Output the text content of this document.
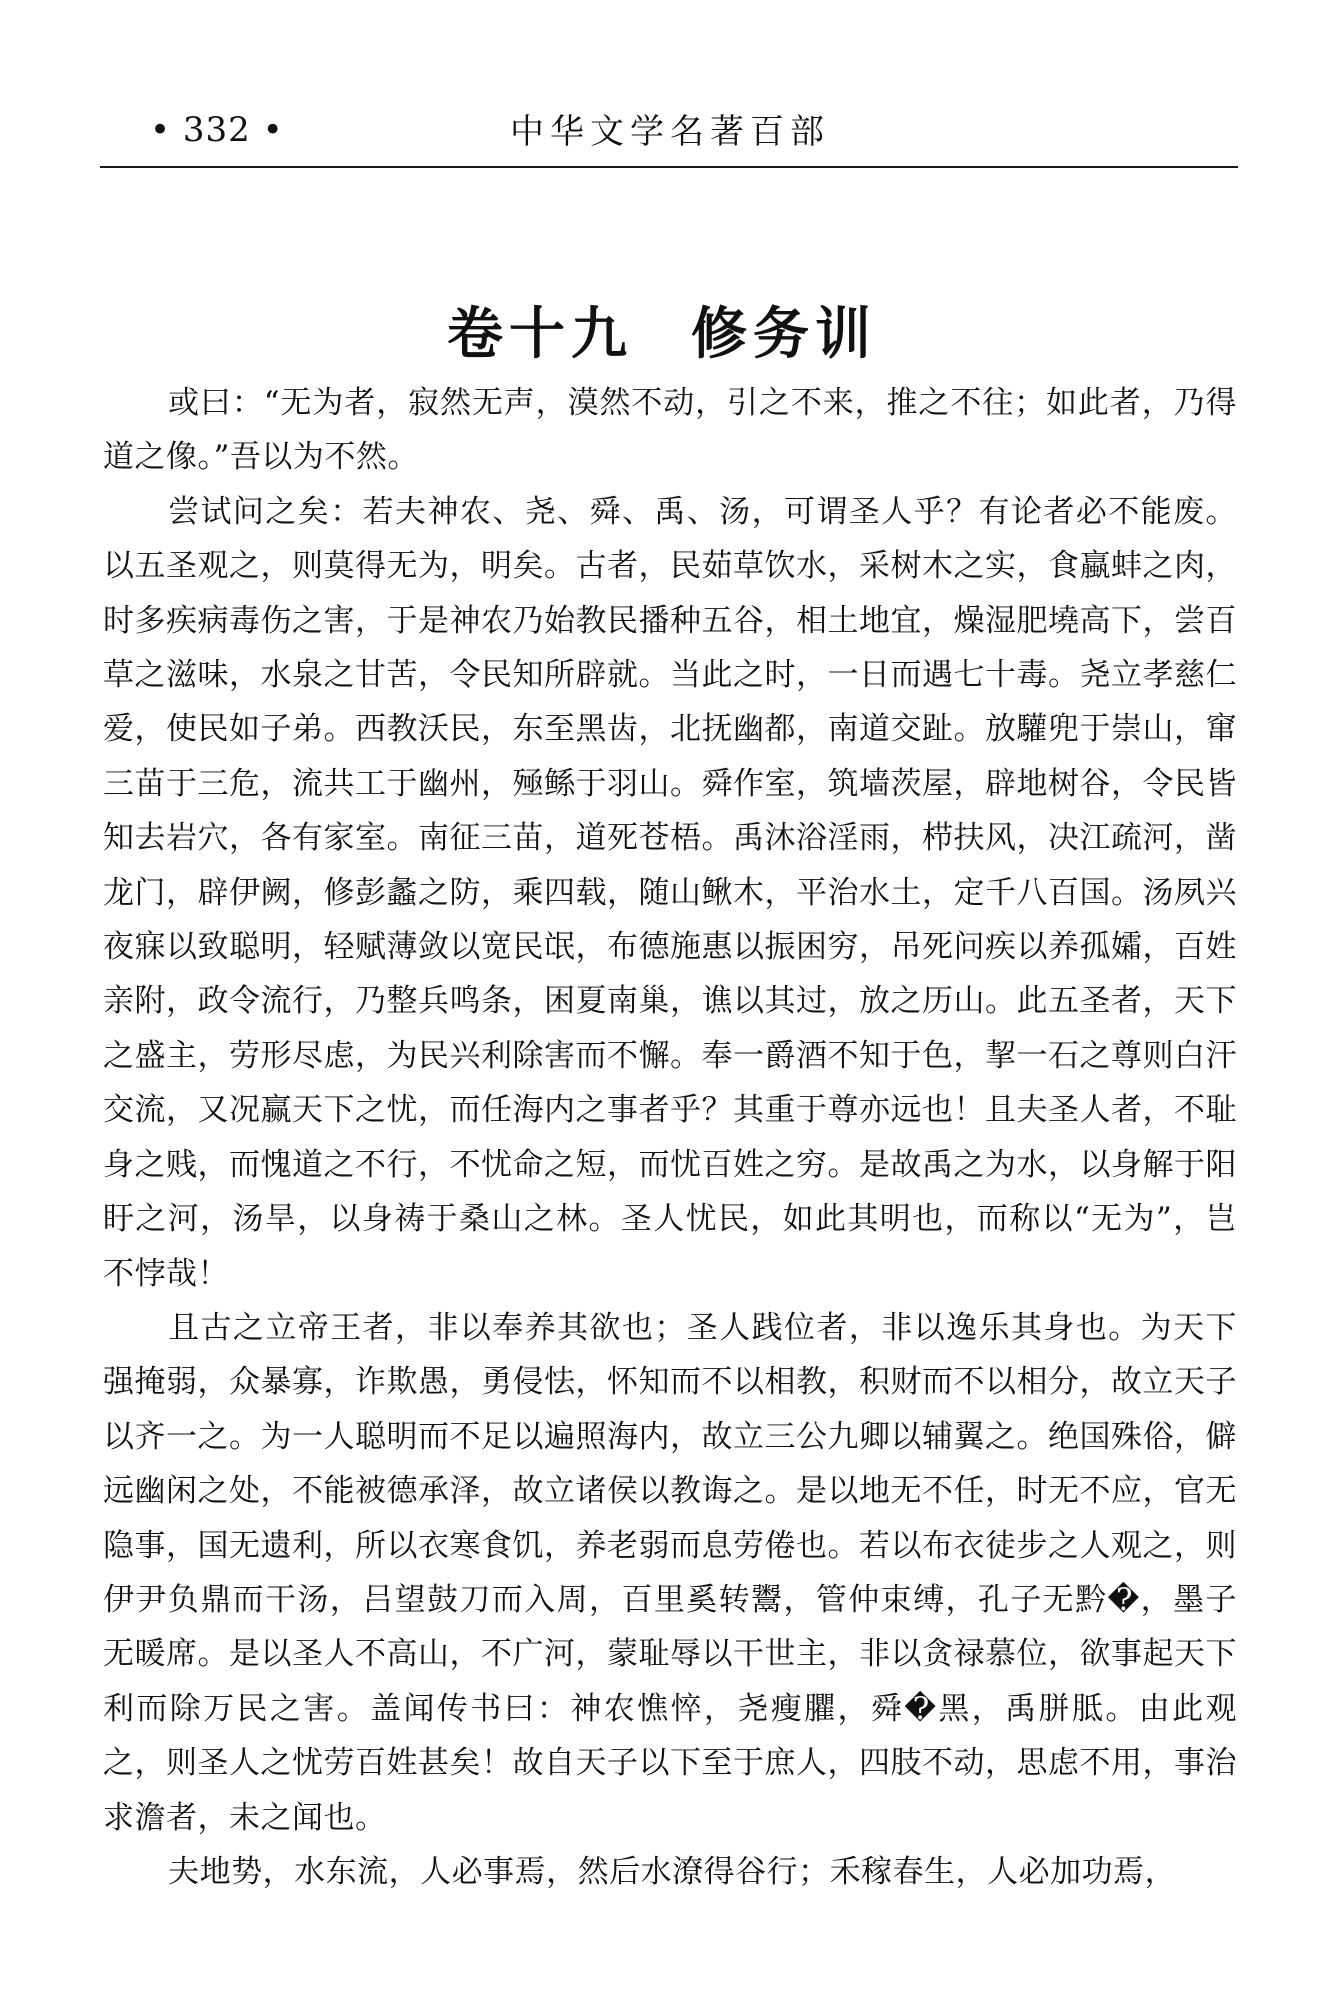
• 332 •	中华文学名著百部
卷十九 修务训

或曰：“无为者，寂然无声，漠然不动，引之不来，推之不往；如此者，乃得道之像。”吾以为不然。

尝试问之矣：若夫神农、尧、舜、禹、汤，可谓圣人乎？有论者必不能废。以五圣观之，则莫得无为，明矣。古者，民茹草饮水，采树木之实，食蠃蚌之肉，时多疾病毒伤之害，于是神农乃始教民播种五谷，相土地宜，燥湿肥墝高下，尝百草之滋味，水泉之甘苦，令民知所辟就。当此之时，一日而遇七十毒。尧立孝慈仁爱，使民如子弟。西教沃民，东至黑齿，北抚幽都，南道交趾。放驩兜于崇山，窜三苗于三危，流共工于幽州，殛鲧于羽山。舜作室，筑墙茨屋，辟地树谷，令民皆知去岩穴，各有家室。南征三苗，道死苍梧。禹沐浴淫雨，栉扶风，决江疏河，凿龙门，辟伊阙，修彭蠡之防，乘四载，随山鳅木，平治水土，定千八百国。汤夙兴夜寐以致聪明，轻赋薄敛以宽民氓，布德施惠以振困穷，吊死问疾以养孤孀，百姓亲附，政令流行，乃整兵鸣条，困夏南巢，谯以其过，放之历山。此五圣者，天下之盛主，劳形尽虑，为民兴利除害而不懈。奉一爵酒不知于色，挈一石之尊则白汗交流，又况赢天下之忧，而任海内之事者乎？其重于尊亦远也！且夫圣人者，不耻身之贱，而愧道之不行，不忧命之短，而忧百姓之穷。是故禹之为水，以身解于阳盱之河，汤旱，以身祷于桑山之林。圣人忧民，如此其明也，而称以“无为”，岂不悖哉！

且古之立帝王者，非以奉养其欲也；圣人践位者，非以逸乐其身也。为天下强掩弱，众暴寡，诈欺愚，勇侵怯，怀知而不以相教，积财而不以相分，故立天子以齐一之。为一人聪明而不足以遍照海内，故立三公九卿以辅翼之。绝国殊俗，僻远幽闲之处，不能被德承泽，故立诸侯以教诲之。是以地无不任，时无不应，官无隐事，国无遗利，所以衣寒食饥，养老弱而息劳倦也。若以布衣徒步之人观之，则伊尹负鼎而干汤，吕望鼓刀而入周，百里奚转鬻，管仲束缚，孔子无黔�，墨子无暖席。是以圣人不高山，不广河，蒙耻辱以干世主，非以贪禄慕位，欲事起天下利而除万民之害。盖闻传书曰：神农憔悴，尧瘦臞，舜�黑，禹胼胝。由此观之，则圣人之忧劳百姓甚矣！故自天子以下至于庶人，四肢不动，思虑不用，事治求澹者，未之闻也。

夫地势，水东流，人必事焉，然后水潦得谷行；禾稼春生，人必加功焉，
